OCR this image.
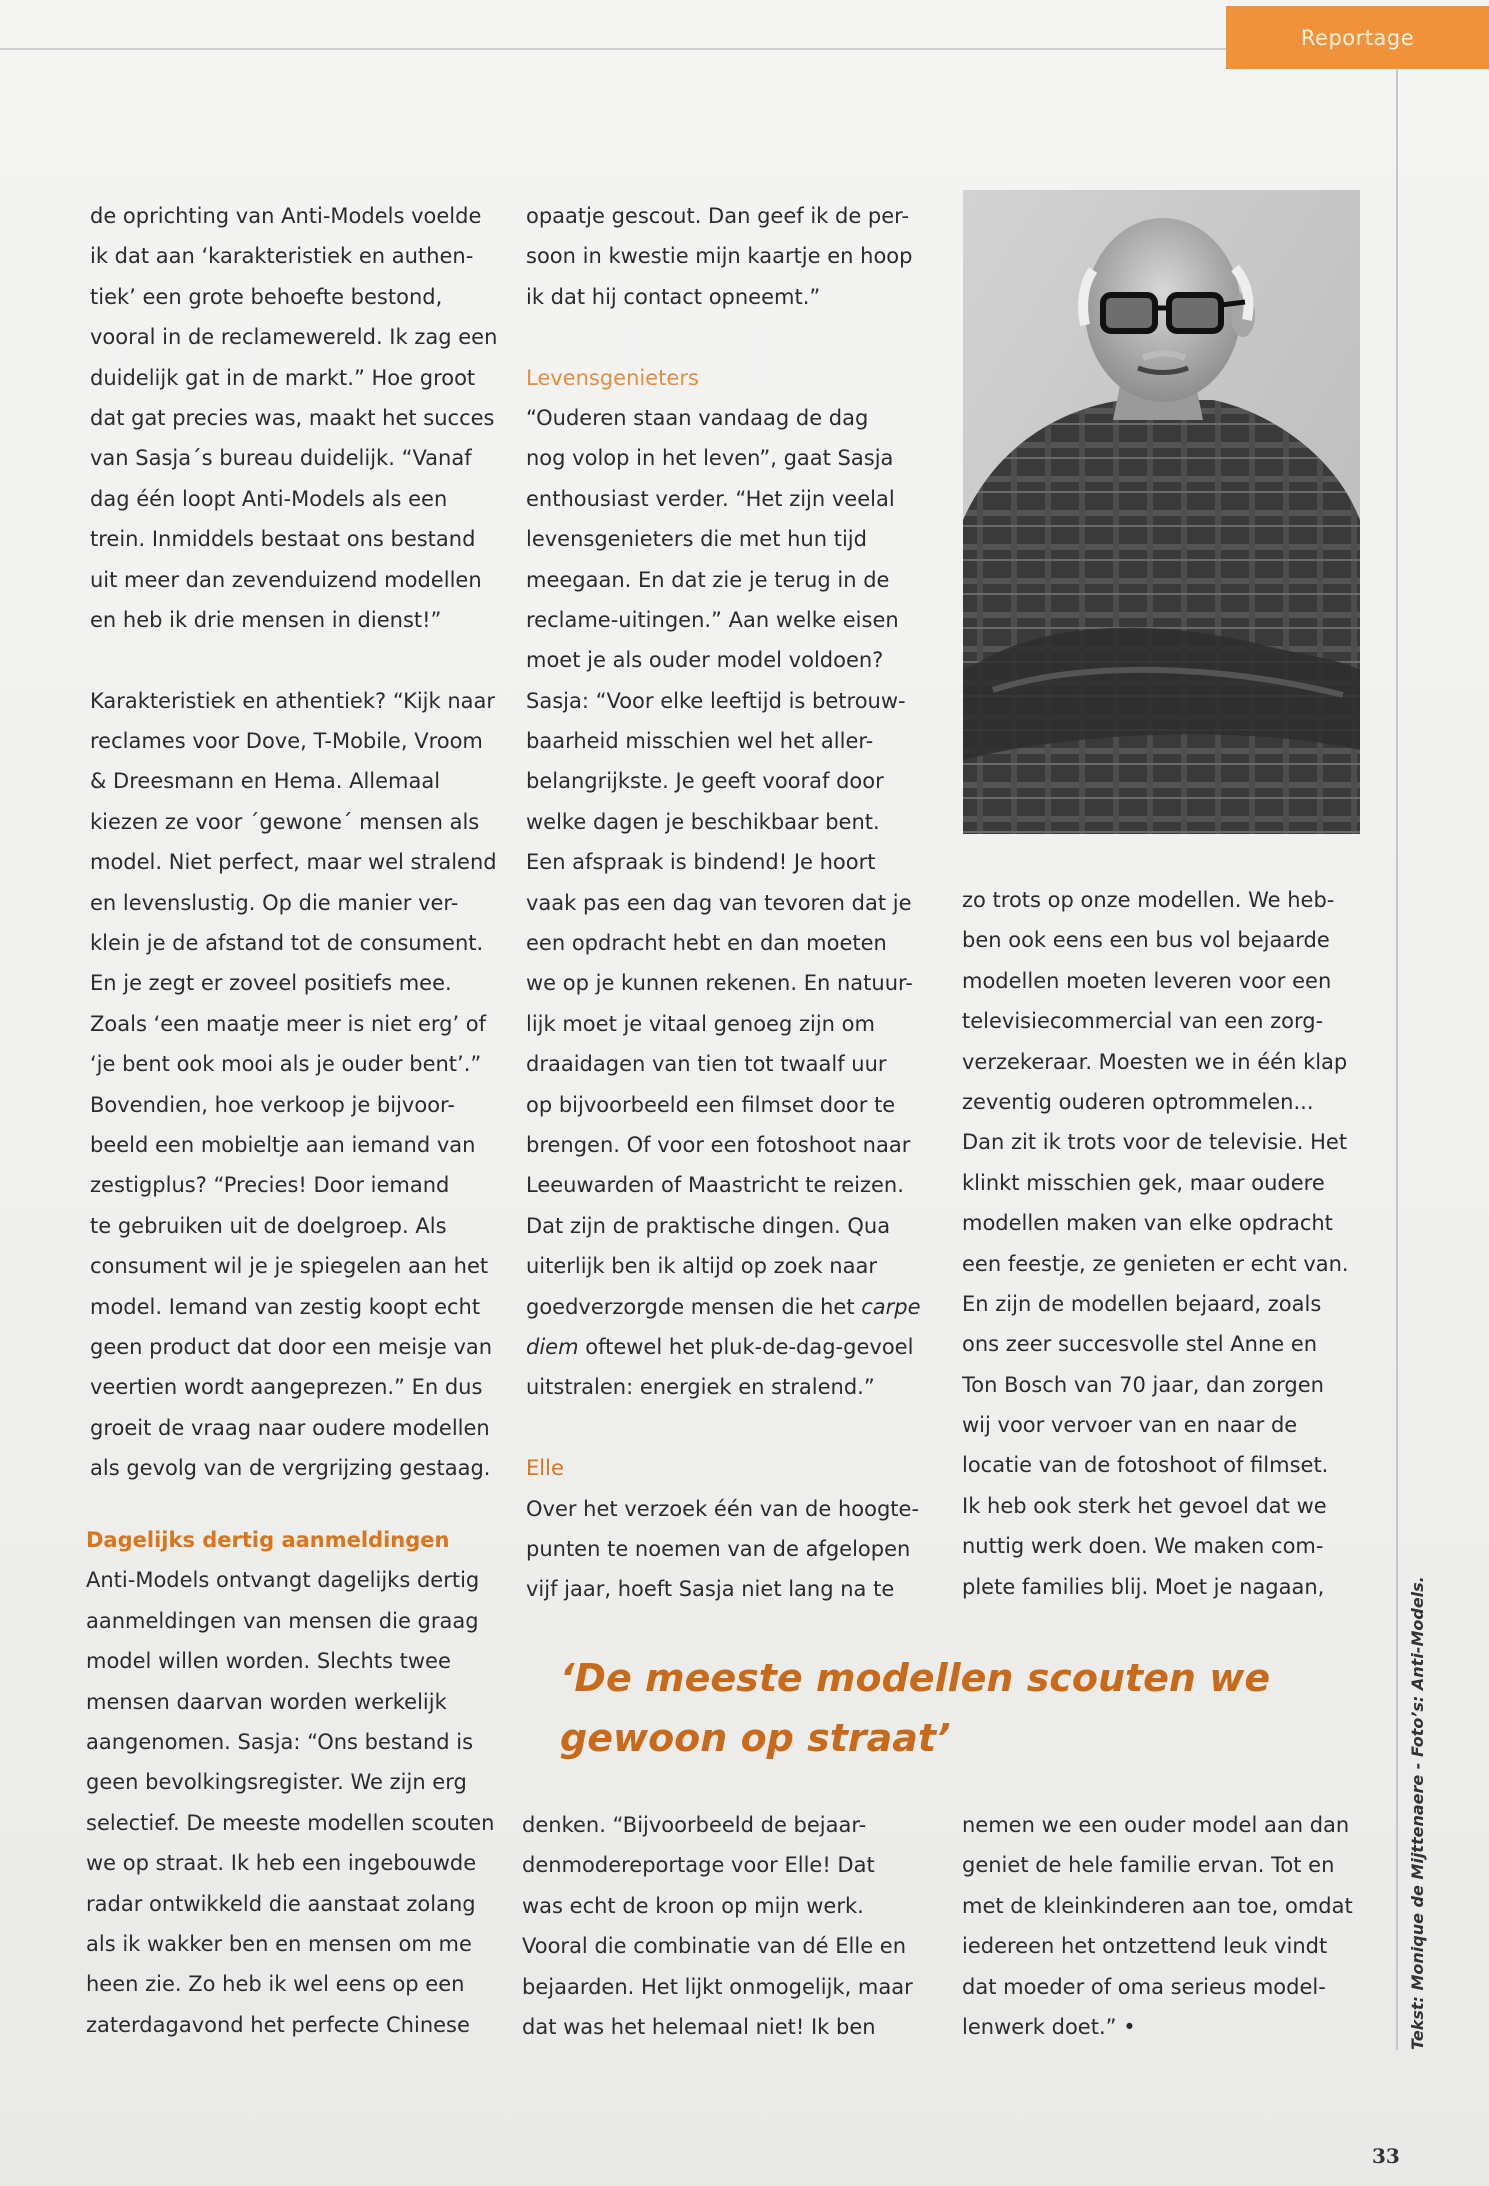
Reportage
de oprichting van Anti-Models voelde
ik dat aan ‘karakteristiek en authen-
tiek’ een grote behoefte bestond,
vooral in de reclamewereld. Ik zag een
duidelijk gat in de markt.” Hoe groot
dat gat precies was, maakt het succes
van Sasja´s bureau duidelijk. “Vanaf
dag één loopt Anti-Models als een
trein. Inmiddels bestaat ons bestand
uit meer dan zevenduizend modellen
en heb ik drie mensen in dienst!”
Karakteristiek en athentiek? “Kijk naar
reclames voor Dove, T-Mobile, Vroom
& Dreesmann en Hema. Allemaal
kiezen ze voor ´gewone´ mensen als
model. Niet perfect, maar wel stralend
en levenslustig. Op die manier ver-
klein je de afstand tot de consument.
En je zegt er zoveel positiefs mee.
Zoals ‘een maatje meer is niet erg’ of
‘je bent ook mooi als je ouder bent’.”
Bovendien, hoe verkoop je bijvoor-
beeld een mobieltje aan iemand van
zestigplus? “Precies! Door iemand
te gebruiken uit de doelgroep. Als
consument wil je je spiegelen aan het
model. Iemand van zestig koopt echt
geen product dat door een meisje van
veertien wordt aangeprezen.” En dus
groeit de vraag naar oudere modellen
als gevolg van de vergrijzing gestaag.
Dagelijks dertig aanmeldingen
Anti-Models ontvangt dagelijks dertig
aanmeldingen van mensen die graag
model willen worden. Slechts twee
mensen daarvan worden werkelijk
aangenomen. Sasja: “Ons bestand is
geen bevolkingsregister. We zijn erg
selectief. De meeste modellen scouten
we op straat. Ik heb een ingebouwde
radar ontwikkeld die aanstaat zolang
als ik wakker ben en mensen om me
heen zie. Zo heb ik wel eens op een
zaterdagavond het perfecte Chinese
opaatje gescout. Dan geef ik de per-
soon in kwestie mijn kaartje en hoop
ik dat hij contact opneemt.”
Levensgenieters
“Ouderen staan vandaag de dag
nog volop in het leven”, gaat Sasja
enthousiast verder. “Het zijn veelal
levensgenieters die met hun tijd
meegaan. En dat zie je terug in de
reclame-uitingen.” Aan welke eisen
moet je als ouder model voldoen?
Sasja: “Voor elke leeftijd is betrouw-
baarheid misschien wel het aller-
belangrijkste. Je geeft vooraf door
welke dagen je beschikbaar bent.
Een afspraak is bindend! Je hoort
vaak pas een dag van tevoren dat je
een opdracht hebt en dan moeten
we op je kunnen rekenen. En natuur-
lijk moet je vitaal genoeg zijn om
draaidagen van tien tot twaalf uur
op bijvoorbeeld een filmset door te
brengen. Of voor een fotoshoot naar
Leeuwarden of Maastricht te reizen.
Dat zijn de praktische dingen. Qua
uiterlijk ben ik altijd op zoek naar
goedverzorgde mensen die het carpe
diem oftewel het pluk-de-dag-gevoel
uitstralen: energiek en stralend.”
Elle
Over het verzoek één van de hoogte-
punten te noemen van de afgelopen
vijf jaar, hoeft Sasja niet lang na te
denken. “Bijvoorbeeld de bejaar-
denmodereportage voor Elle! Dat
was echt de kroon op mijn werk.
Vooral die combinatie van dé Elle en
bejaarden. Het lijkt onmogelijk, maar
dat was het helemaal niet! Ik ben
zo trots op onze modellen. We heb-
ben ook eens een bus vol bejaarde
modellen moeten leveren voor een
televisiecommercial van een zorg-
verzekeraar. Moesten we in één klap
zeventig ouderen optrommelen...
Dan zit ik trots voor de televisie. Het
klinkt misschien gek, maar oudere
modellen maken van elke opdracht
een feestje, ze genieten er echt van.
En zijn de modellen bejaard, zoals
ons zeer succesvolle stel Anne en
Ton Bosch van 70 jaar, dan zorgen
wij voor vervoer van en naar de
locatie van de fotoshoot of filmset.
Ik heb ook sterk het gevoel dat we
nuttig werk doen. We maken com-
plete families blij. Moet je nagaan,
‘De meeste modellen scouten we
gewoon op straat’
nemen we een ouder model aan dan
geniet de hele familie ervan. Tot en
met de kleinkinderen aan toe, omdat
iedereen het ontzettend leuk vindt
dat moeder of oma serieus model-
lenwerk doet.” •	Tekst: Monique de Mijttenaere - Foto’s: Anti-Models.
33
